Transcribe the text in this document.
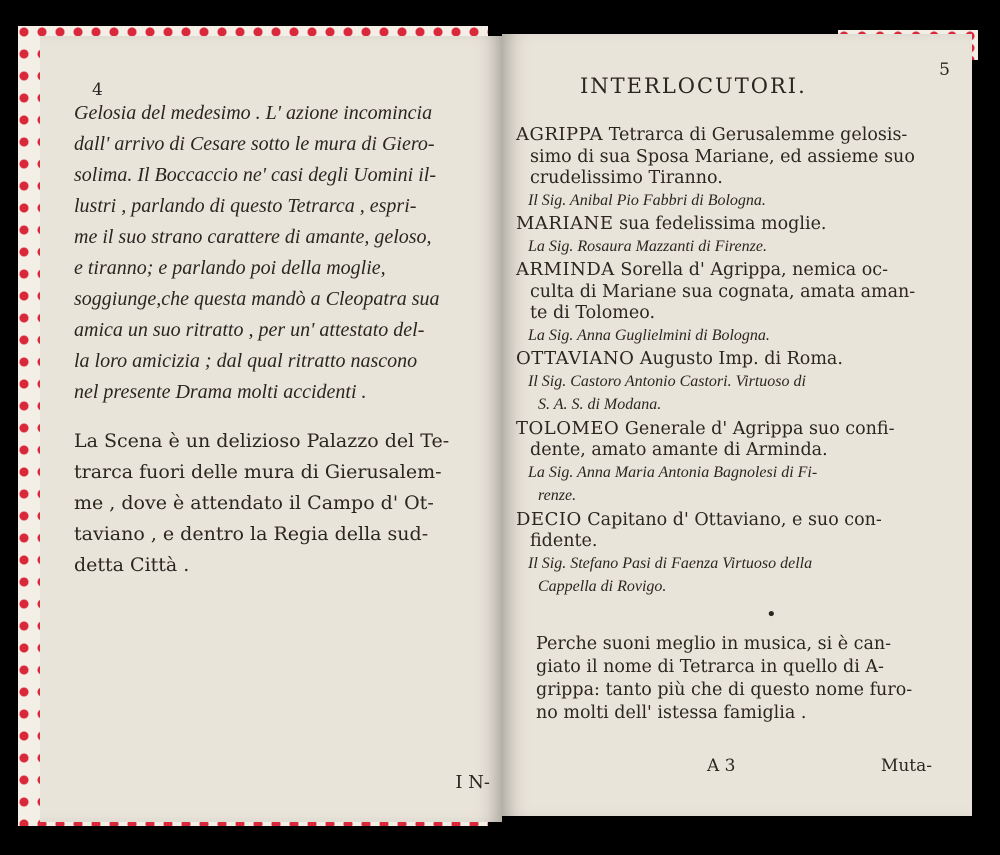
4
Gelosia del medesimo . L' azione incomincia
dall' arrivo di Cesare sotto le mura di Giero-
solima. Il Boccaccio ne' casi degli Uomini il-
lustri , parlando di questo Tetrarca , espri-
me il suo strano carattere di amante, geloso,
e tiranno; e parlando poi della moglie,
soggiunge,che questa mandò a Cleopatra sua
amica un suo ritratto , per un' attestato del-
la loro amicizia ; dal qual ritratto nascono
nel presente Drama molti accidenti .
La Scena è un delizioso Palazzo del Te-
trarca fuori delle mura di Gierusalem-
me , dove è attendato il Campo d' Ot-
taviano , e dentro la Regia della sud-
detta Città .
I N-
5
INTERLOCUTORI.
AGRIPPA Tetrarca di Gerusalemme gelosis-
simo di sua Sposa Mariane, ed assieme suo
crudelissimo Tiranno.
Il Sig. Anibal Pio Fabbri di Bologna.
MARIANE sua fedelissima moglie.
La Sig. Rosaura Mazzanti di Firenze.
ARMINDA Sorella d' Agrippa, nemica oc-
culta di Mariane sua cognata, amata aman-
te di Tolomeo.
La Sig. Anna Guglielmini di Bologna.
OTTAVIANO Augusto Imp. di Roma.
Il Sig. Castoro Antonio Castori. Virtuoso di
S. A. S. di Modana.
TOLOMEO Generale d' Agrippa suo confi-
dente, amato amante di Arminda.
La Sig. Anna Maria Antonia Bagnolesi di Fi-
renze.
DECIO Capitano d' Ottaviano, e suo con-
fidente.
Il Sig. Stefano Pasi di Faenza Virtuoso della
Cappella di Rovigo.
•
Perche suoni meglio in musica, si è can-
giato il nome di Tetrarca in quello di A-
grippa: tanto più che di questo nome furo-
no molti dell' istessa famiglia .
A 3	Muta-
